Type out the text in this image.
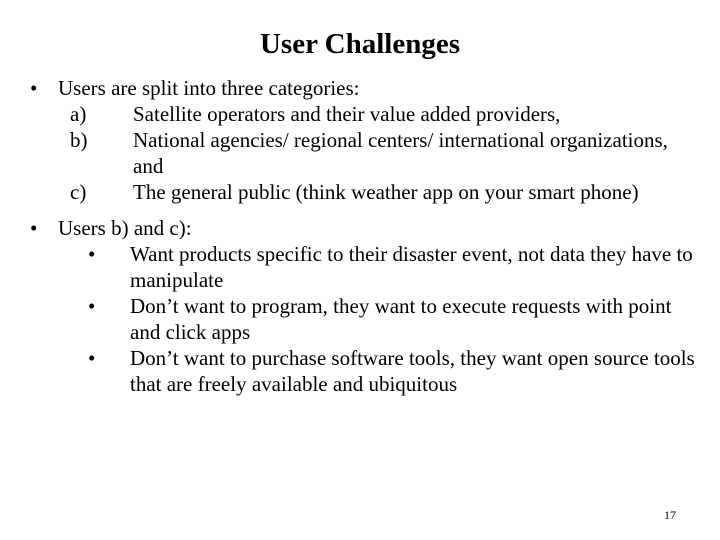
User Challenges
• Users are split into three categories:
a)	Satellite operators and their value added providers,
b)	National agencies/ regional centers/ international organizations, and
c)	The general public (think weather app on your smart phone)
• Users b) and c):
• Want products specific to their disaster event, not data they have to manipulate
• Don’t want to program, they want to execute requests with point and click apps
• Don’t want to purchase software tools, they want open source tools that are freely available and ubiquitous
17
